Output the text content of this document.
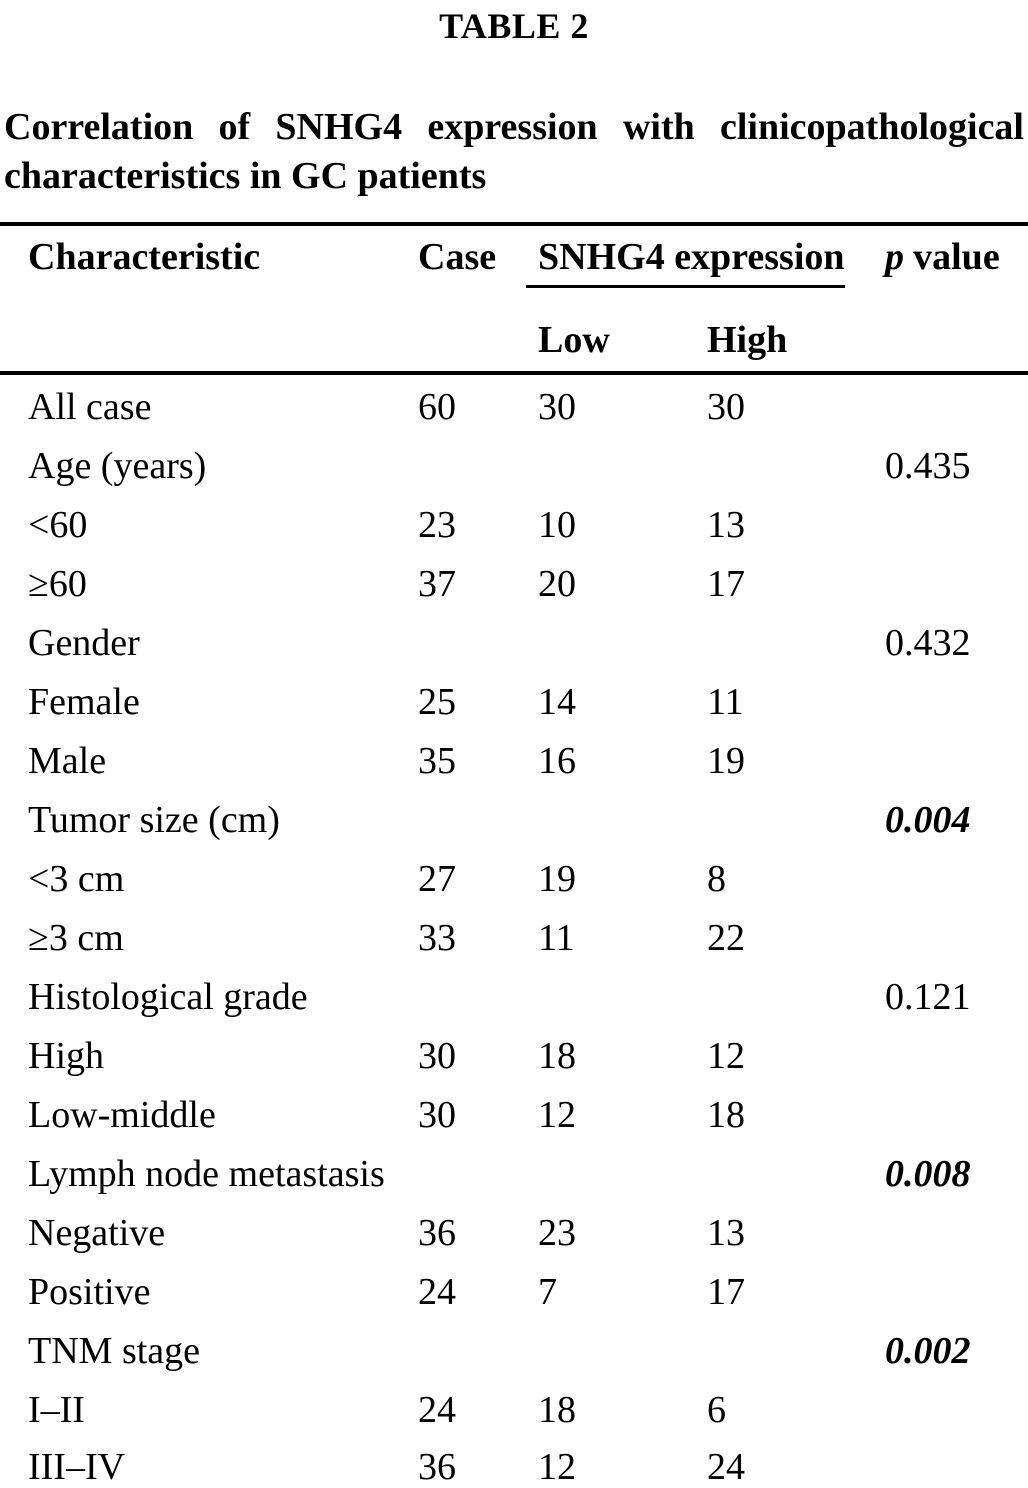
TABLE 2
Correlation of SNHG4 expression with clinicopathological characteristics in GC patients
Characteristic	Case	SNHG4 expression		p value
		Low	High	
All case	60	30	30	
Age (years)				0.435
<60	23	10	13	
≥60	37	20	17	
Gender				0.432
Female	25	14	11	
Male	35	16	19	
Tumor size (cm)				0.004
<3 cm	27	19	8	
≥3 cm	33	11	22	
Histological grade				0.121
High	30	18	12	
Low-middle	30	12	18	
Lymph node metastasis				0.008
Negative	36	23	13	
Positive	24	7	17	
TNM stage				0.002
I–II	24	18	6	
III–IV	36	12	24	
